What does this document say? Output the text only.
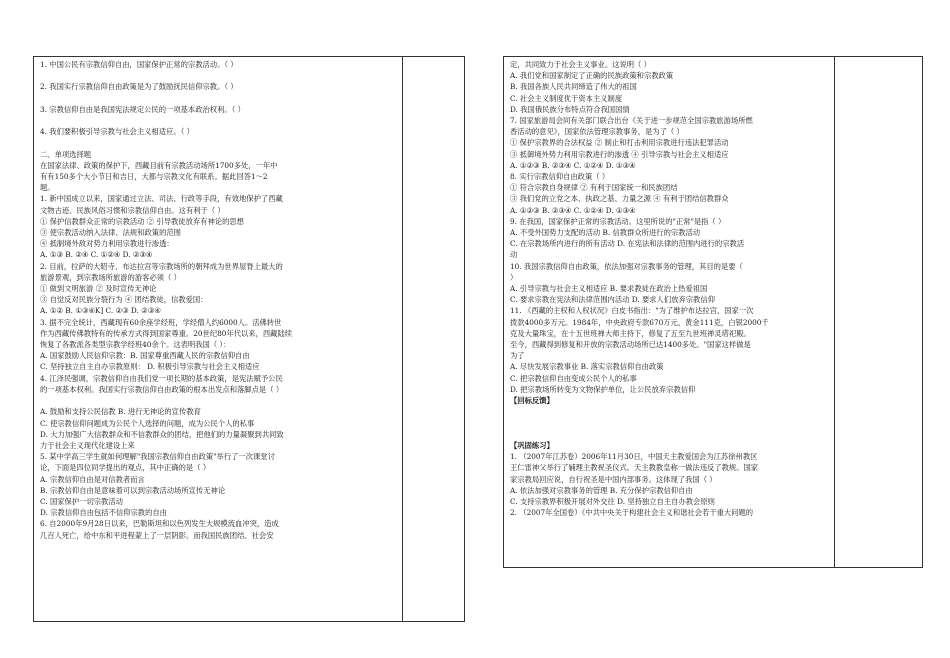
1. 中国公民有宗教信仰自由，国家保护正常的宗教活动。（ ）

2. 我国实行宗教信仰自由政策是为了鼓励抚民信仰宗教。（ ）

3. 宗教信仰自由是我国宪法规定公民的一项基本政治权利。（ ）

4. 我们要积极引导宗教与社会主义相适应。（ ）

二、单项选择题
在国家法律、政策的保护下，西藏目前有宗教活动场所1700多处，一年中
有有150多个大小节日和吉日，大都与宗教文化有联系。据此回答1～2
题。
1. 新中国成立以来，国家通过立法、司法、行政等手段，有效地保护了西藏
文物古迹、民族风俗习惯和宗教信仰自由。这有利于（ ）
① 保护信教群众正常的宗教活动 ② 引导教徒放弃有神论的思想
③ 使宗教活动纳入法律、法规和政策的范围
④ 抵制境外敌对势力利用宗教进行渗透：
A. ①③ B. ②④ C. ①②④ D. ②③④
2. 目前，拉萨的大昭寺、布达拉宫等宗教场所的朝拜成为世界屋脊上最大的
旅游景观，到宗教场所旅游的游客必须（ ）
① 做到文明旅游 ② 及时宣传无神论
③ 自觉反对民族分裂行为 ④ 团结教徒，信教爱国：
A. ①② B. ①③④K] C. ②③ D. ②③④
3. 据不完全统计，西藏现有60余座学经班，学经僧人约6000人。活佛转世
作为西藏传佛教特有的传承方式得到国家尊重。20世纪80年代以来，西藏陆续
恢复了各教派各类型宗教学经班40余个。这表明我国（ ）：
A. 国家鼓励人民信仰宗教：B. 国家尊重西藏人民的宗教信仰自由
C. 坚持独立自主自办宗教原则： D. 积极引导宗教与社会主义相适应
4. 江泽民强调，宗教信仰自由我们党一项长期的基本政策，是宪法赋予公民
的一项基本权利。我国实行宗教信仰自由政策的根本出发点和落脚点是（ ）

A. 鼓励和支持公民信教 B. 进行无神论的宣传教育
C. 使宗教信仰问题成为公民个人选择的问题，成为公民个人的私事
D. 大力加强广大信教群众和不信教群众的团结，把他们的力量凝聚到共同致
力于社会主义现代化建设上来
5. 某中学高三学生就如何理解"我国宗教信仰自由政策"举行了一次课堂讨
论，下面是四位同学提出的观点，其中正确的是（ ）
A. 宗教信仰自由是对信教者而言
B. 宗教信仰自由是意味着可以到宗教活动场所宣传无神论
C. 国家保护一切宗教活动
D. 宗教信仰自由包括不信仰宗教的自由
6. 自2000年9月28日以来，巴勒斯坦和以色列发生大规模流血冲突，造成
几百人死亡，给中东和平进程蒙上了一层阴影。而我国民族团结、社会安
定，共同致力于社会主义事业。这说明（ ）
A. 我们党和国家制定了正确的民族政策和宗教政策
B. 我国各族人民共同缔造了伟大的祖国
C. 社会主义制度优于资本主义制度
D. 我国俄民族分布特点符合我国国情
7. 国家旅游局会同有关部门联合出台《关于进一步规范全国宗教旅游场所燃
香活动的意见》，国家依法管理宗教事务，是为了（ ）
① 保护宗教界的合法权益 ② 制止和打击利用宗教进行违法犯罪活动
③ 抵御境外势力利用宗教进行的渗透 ④ 引导宗教与社会主义相适应
A. ①②③ B. ②③④ C. ①②④ D. ①③④
8. 实行宗教信仰自由政策（ ）
① 符合宗教自身规律 ② 有利于国家统一和民族团结
③ 我们党的立党之本、执政之基、力量之源 ④ 有利于团结信教群众
A. ①②③ B. ②③④ C. ①②④ D. ①③④
9. 在我国，国家保护正常的宗教活动。这里所说的"正常"是指（ ）
A. 不受外国势力支配的活动 B. 信教群众所进行的宗教活动
C. 在宗教场所内进行的所有活动 D. 在宪法和法律的范围内进行的宗教活
动
10. 我国宗教信仰自由政策，依法加强对宗教事务的管理，其目的是要（
）
A. 引导宗教与社会主义相适应 B. 要求教徒在政治上热爱祖国
C. 要求宗教在宪法和法律范围内活动 D. 要求人们放弃宗教信仰
11. 《西藏的主权和人权状况》白皮书指出："为了维护布达拉宫，国家一次
拨款4000多万元。1984年，中央政府专款670万元，黄金111克，白银2000千
克及大量珠宝，在十五世班禅大师主持下，修复了五至九世班禅灵塔祀殿。
至今，西藏得到修复和开放的宗教活动场所已达1400多处。"国家这样做是
为了
A. 尽快发展宗教事业 B. 落实宗教信仰自由政策
C. 把宗教信仰自由变成公民个人的私事
D. 把宗教场所转变为文物保护单位，让公民放弃宗教信仰
【回标反馈】

【巩固练习】
1. （2007年江苏卷）2006年11月30日，中国天主教爱国会为江苏徐州教区
王仁雷神父举行了辅理主教祝圣仪式。天主教教皇称一做法违反了教规。国家
家宗教局回应说，自行祝圣是中国内部事务。这体现了我国（ ）
A. 依法加强对宗教事务的管理 B. 充分保护宗教信仰自由
C. 支持宗教界积极开展对外交往 D. 坚持独立自主自办教会原则
2. （2007年全国卷）《中共中央关于构建社会主义和谐社会若干重大问题的
